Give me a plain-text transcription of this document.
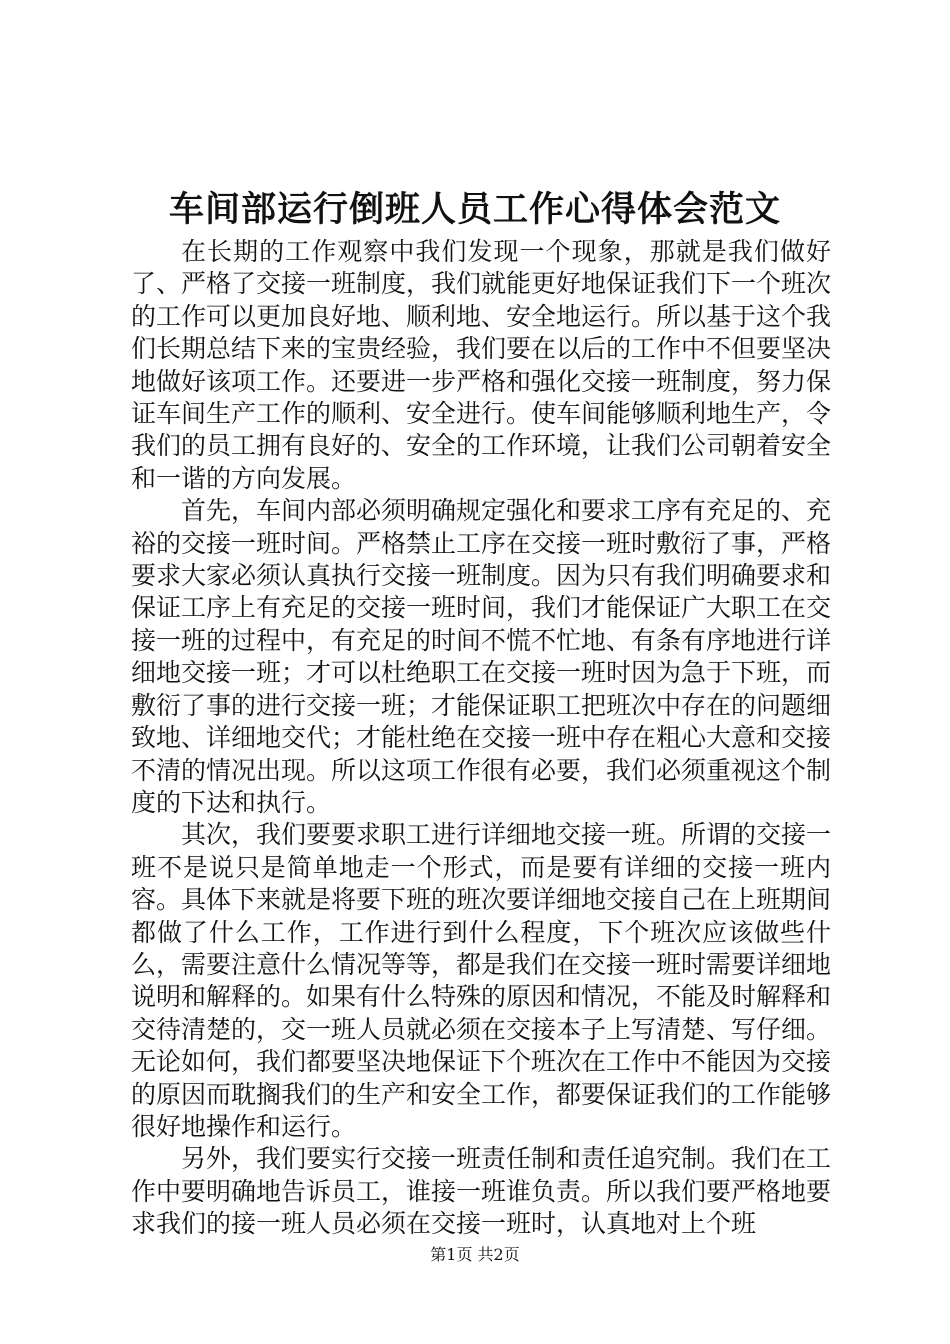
车间部运行倒班人员工作心得体会范文

在长期的工作观察中我们发现一个现象，那就是我们做好了、严格了交接一班制度，我们就能更好地保证我们下一个班次的工作可以更加良好地、顺利地、安全地运行。所以基于这个我们长期总结下来的宝贵经验，我们要在以后的工作中不但要坚决地做好该项工作。还要进一步严格和强化交接一班制度，努力保证车间生产工作的顺利、安全进行。使车间能够顺利地生产，令我们的员工拥有良好的、安全的工作环境，让我们公司朝着安全和一谐的方向发展。

首先，车间内部必须明确规定强化和要求工序有充足的、充裕的交接一班时间。严格禁止工序在交接一班时敷衍了事，严格要求大家必须认真执行交接一班制度。因为只有我们明确要求和保证工序上有充足的交接一班时间，我们才能保证广大职工在交接一班的过程中，有充足的时间不慌不忙地、有条有序地进行详细地交接一班；才可以杜绝职工在交接一班时因为急于下班，而敷衍了事的进行交接一班；才能保证职工把班次中存在的问题细致地、详细地交代；才能杜绝在交接一班中存在粗心大意和交接不清的情况出现。所以这项工作很有必要，我们必须重视这个制度的下达和执行。

其次，我们要要求职工进行详细地交接一班。所谓的交接一班不是说只是简单地走一个形式，而是要有详细的交接一班内容。具体下来就是将要下班的班次要详细地交接自己在上班期间都做了什么工作，工作进行到什么程度，下个班次应该做些什么，需要注意什么情况等等，都是我们在交接一班时需要详细地说明和解释的。如果有什么特殊的原因和情况，不能及时解释和交待清楚的，交一班人员就必须在交接本子上写清楚、写仔细。无论如何，我们都要坚决地保证下个班次在工作中不能因为交接的原因而耽搁我们的生产和安全工作，都要保证我们的工作能够很好地操作和运行。

另外，我们要实行交接一班责任制和责任追究制。我们在工作中要明确地告诉员工，谁接一班谁负责。所以我们要严格地要求我们的接一班人员必须在交接一班时，认真地对上个班

第1页 共2页
